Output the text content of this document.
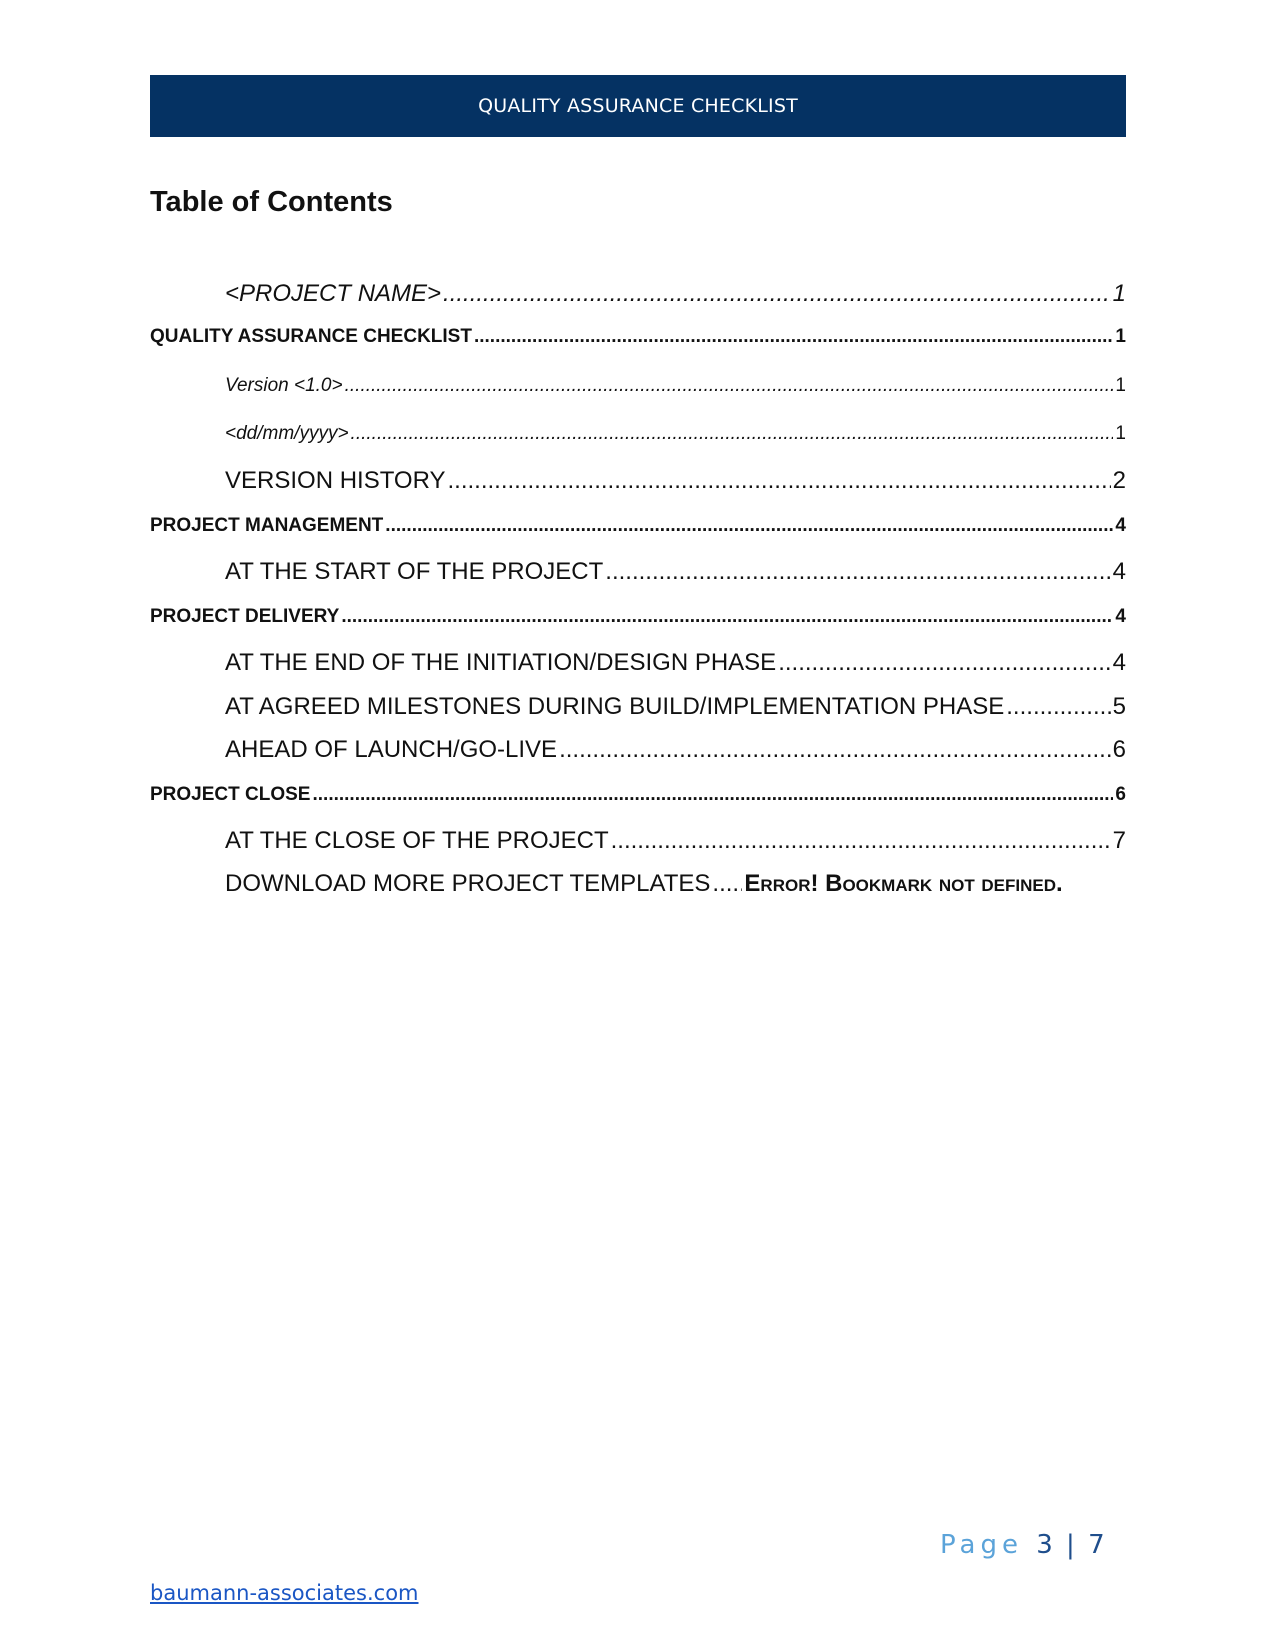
QUALITY ASSURANCE CHECKLIST
Table of Contents
<PROJECT NAME> .....	1
QUALITY ASSURANCE CHECKLIST .....	1
Version <1.0> .....	1
<dd/mm/yyyy> .....	1
VERSION HISTORY .....	2
PROJECT MANAGEMENT .....	4
AT THE START OF THE PROJECT .....	4
PROJECT DELIVERY .....	4
AT THE END OF THE INITIATION/DESIGN PHASE .....	4
AT AGREED MILESTONES DURING BUILD/IMPLEMENTATION PHASE .....	5
AHEAD OF LAUNCH/GO-LIVE .....	6
PROJECT CLOSE .....	6
AT THE CLOSE OF THE PROJECT .....	7
DOWNLOAD MORE PROJECT TEMPLATES ..... Error! Bookmark not defined.
Page 3 | 7
baumann-associates.com
